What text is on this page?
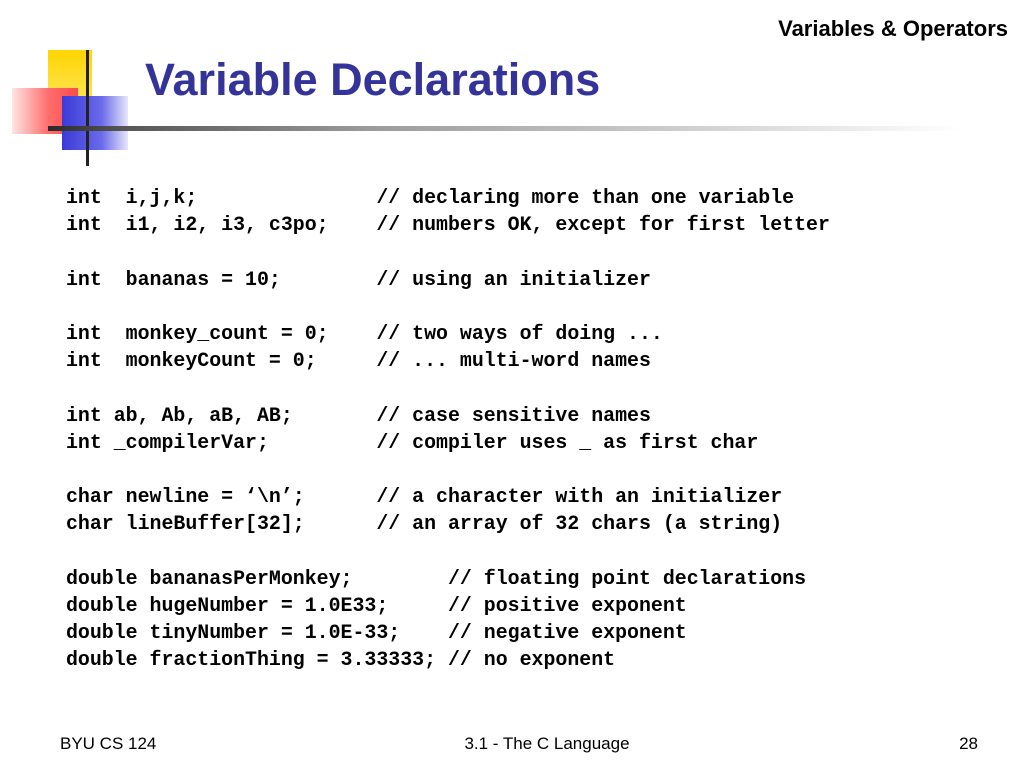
Variables & Operators
Variable Declarations
int  i,j,k;               // declaring more than one variable
int  i1, i2, i3, c3po;    // numbers OK, except for first letter
int  bananas = 10;        // using an initializer
int  monkey_count = 0;    // two ways of doing ...
int  monkeyCount = 0;     // ... multi-word names
int ab, Ab, aB, AB;       // case sensitive names
int _compilerVar;         // compiler uses _ as first char
char newline = ‘\n’;      // a character with an initializer
char lineBuffer[32];      // an array of 32 chars (a string)
double bananasPerMonkey;        // floating point declarations
double hugeNumber = 1.0E33;     // positive exponent
double tinyNumber = 1.0E-33;    // negative exponent
double fractionThing = 3.33333; // no exponent
BYU CS 124	3.1 - The C Language	28
